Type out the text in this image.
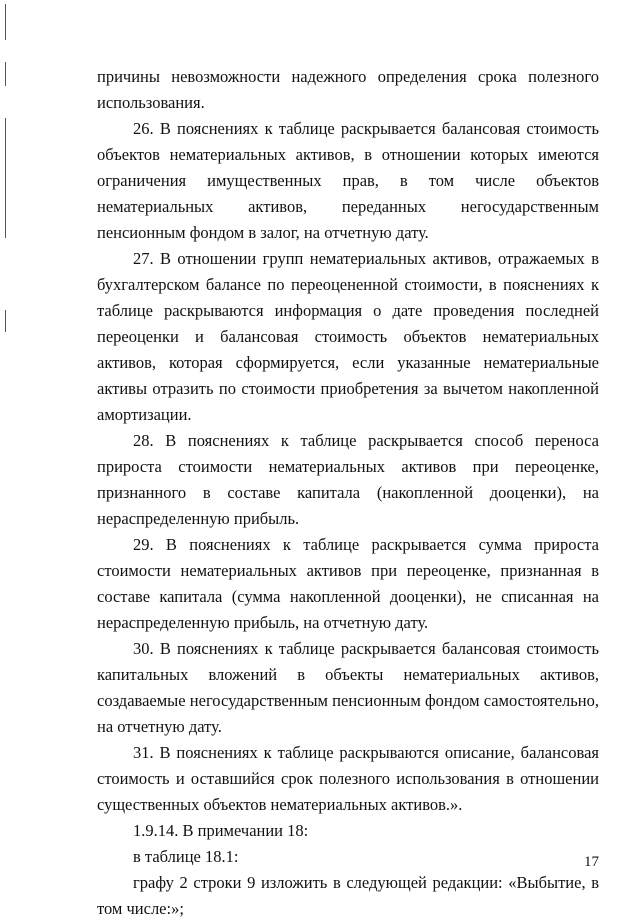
причины невозможности надежного определения срока полезного использования.

26. В пояснениях к таблице раскрывается балансовая стоимость объектов нематериальных активов, в отношении которых имеются ограничения имущественных прав, в том числе объектов нематериальных активов, переданных негосударственным пенсионным фондом в залог, на отчетную дату.

27. В отношении групп нематериальных активов, отражаемых в бухгалтерском балансе по переоцененной стоимости, в пояснениях к таблице раскрываются информация о дате проведения последней переоценки и балансовая стоимость объектов нематериальных активов, которая сформируется, если указанные нематериальные активы отразить по стоимости приобретения за вычетом накопленной амортизации.

28. В пояснениях к таблице раскрывается способ переноса прироста стоимости нематериальных активов при переоценке, признанного в составе капитала (накопленной дооценки), на нераспределенную прибыль.

29. В пояснениях к таблице раскрывается сумма прироста стоимости нематериальных активов при переоценке, признанная в составе капитала (сумма накопленной дооценки), не списанная на нераспределенную прибыль, на отчетную дату.

30. В пояснениях к таблице раскрывается балансовая стоимость капитальных вложений в объекты нематериальных активов, создаваемые негосударственным пенсионным фондом самостоятельно, на отчетную дату.

31. В пояснениях к таблице раскрываются описание, балансовая стоимость и оставшийся срок полезного использования в отношении существенных объектов нематериальных активов.».

1.9.14. В примечании 18:

в таблице 18.1:

графу 2 строки 9 изложить в следующей редакции: «Выбытие, в том числе:»;

17
